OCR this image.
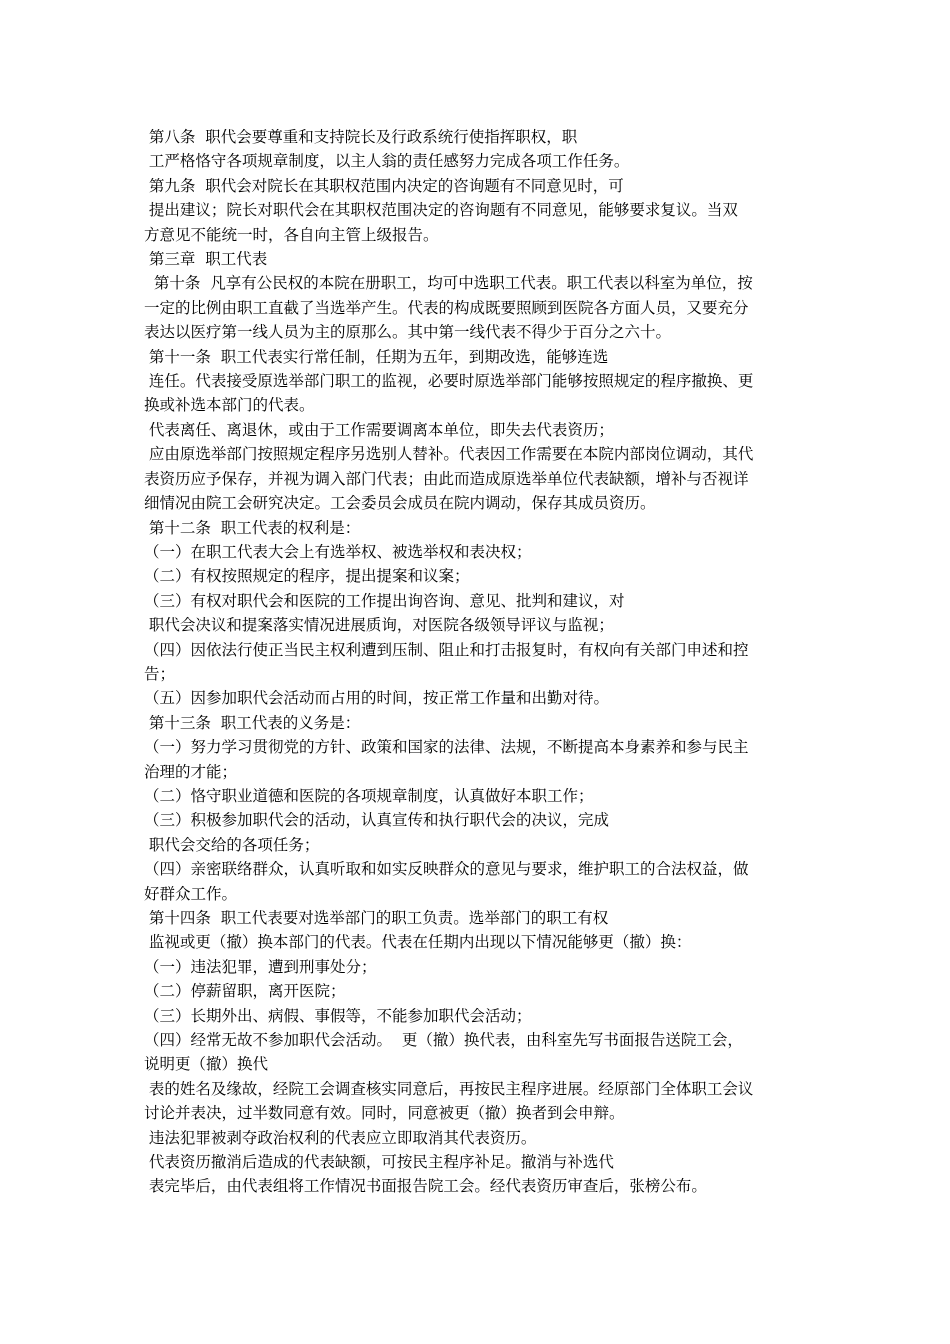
第八条  职代会要尊重和支持院长及行政系统行使指挥职权，职

工严格恪守各项规章制度，以主人翁的责任感努力完成各项工作任务。

第九条  职代会对院长在其职权范围内决定的咨询题有不同意见时，可

提出建议；院长对职代会在其职权范围决定的咨询题有不同意见，能够要求复议。当双

方意见不能统一时，各自向主管上级报告。

第三章  职工代表

第十条  凡享有公民权的本院在册职工，均可中选职工代表。职工代表以科室为单位，按

一定的比例由职工直截了当选举产生。代表的构成既要照顾到医院各方面人员，又要充分

表达以医疗第一线人员为主的原那么。其中第一线代表不得少于百分之六十。

第十一条  职工代表实行常任制，任期为五年，到期改选，能够连选

连任。代表接受原选举部门职工的监视，必要时原选举部门能够按照规定的程序撤换、更

换或补选本部门的代表。

代表离任、离退休，或由于工作需要调离本单位，即失去代表资历；

应由原选举部门按照规定程序另选别人替补。代表因工作需要在本院内部岗位调动，其代

表资历应予保存，并视为调入部门代表；由此而造成原选举单位代表缺额，增补与否视详

细情况由院工会研究决定。工会委员会成员在院内调动，保存其成员资历。

第十二条  职工代表的权利是：

（一）在职工代表大会上有选举权、被选举权和表决权；

（二）有权按照规定的程序，提出提案和议案；

（三）有权对职代会和医院的工作提出询咨询、意见、批判和建议，对

职代会决议和提案落实情况进展质询，对医院各级领导评议与监视；

（四）因依法行使正当民主权利遭到压制、阻止和打击报复时，有权向有关部门申述和控

告；

（五）因参加职代会活动而占用的时间，按正常工作量和出勤对待。

第十三条  职工代表的义务是：

（一）努力学习贯彻党的方针、政策和国家的法律、法规，不断提高本身素养和参与民主

治理的才能；

（二）恪守职业道德和医院的各项规章制度，认真做好本职工作；

（三）积极参加职代会的活动，认真宣传和执行职代会的决议，完成

职代会交给的各项任务；

（四）亲密联络群众，认真听取和如实反映群众的意见与要求，维护职工的合法权益，做

好群众工作。

第十四条  职工代表要对选举部门的职工负责。选举部门的职工有权

监视或更（撤）换本部门的代表。代表在任期内出现以下情况能够更（撤）换：

（一）违法犯罪，遭到刑事处分；

（二）停薪留职，离开医院；

（三）长期外出、病假、事假等，不能参加职代会活动；

（四）经常无故不参加职代会活动。  更（撤）换代表，由科室先写书面报告送院工会，

说明更（撤）换代

表的姓名及缘故，经院工会调查核实同意后，再按民主程序进展。经原部门全体职工会议

讨论并表决，过半数同意有效。同时，同意被更（撤）换者到会申辩。

违法犯罪被剥夺政治权利的代表应立即取消其代表资历。

代表资历撤消后造成的代表缺额，可按民主程序补足。撤消与补选代

表完毕后，由代表组将工作情况书面报告院工会。经代表资历审查后，张榜公布。
